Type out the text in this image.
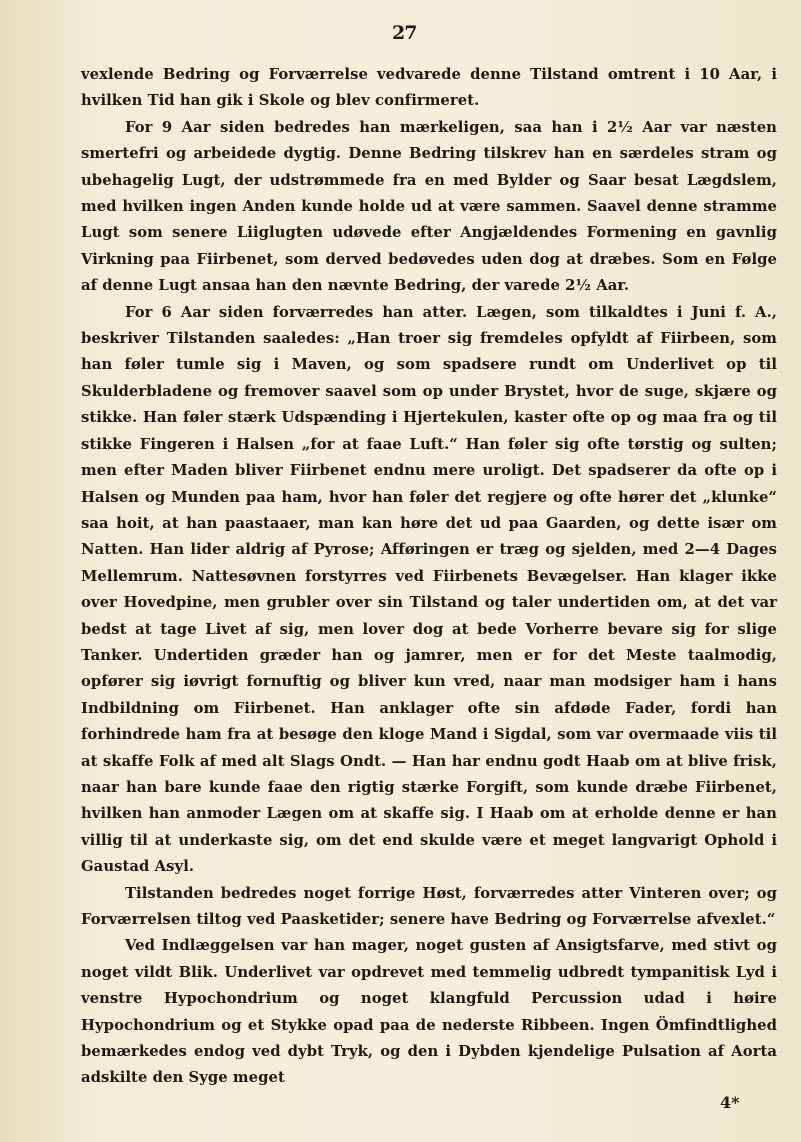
27

vexlende Bedring og Forværrelse vedvarede denne Tilstand omtrent i 10 Aar, i hvilken Tid han gik i Skole og blev confirmeret.

For 9 Aar siden bedredes han mærkeligen, saa han i 2½ Aar var næsten smertefri og arbeidede dygtig. Denne Bedring tilskrev han en særdeles stram og ubehagelig Lugt, der udstrømmede fra en med Bylder og Saar besat Lægdslem, med hvilken ingen Anden kunde holde ud at være sammen. Saavel denne stramme Lugt som senere Liiglugten udøvede efter Angjældendes Formening en gavnlig Virkning paa Fiirbenet, som derved bedøvedes uden dog at dræbes. Som en Følge af denne Lugt ansaa han den nævnte Bedring, der varede 2½ Aar.

For 6 Aar siden forværredes han atter. Lægen, som tilkaldtes i Juni f. A., beskriver Tilstanden saaledes: „Han troer sig fremdeles opfyldt af Fiirbeen, som han føler tumle sig i Maven, og som spadsere rundt om Underlivet op til Skulderbladene og fremover saavel som op under Brystet, hvor de suge, skjære og stikke. Han føler stærk Udspænding i Hjertekulen, kaster ofte op og maa fra og til stikke Fingeren i Halsen „for at faae Luft.“ Han føler sig ofte tørstig og sulten; men efter Maden bliver Fiirbenet endnu mere uroligt. Det spadserer da ofte op i Halsen og Munden paa ham, hvor han føler det regjere og ofte hører det „klunke“ saa hoit, at han paastaaer, man kan høre det ud paa Gaarden, og dette især om Natten. Han lider aldrig af Pyrose; Afføringen er træg og sjelden, med 2—4 Dages Mellemrum. Nattesøvnen forstyrres ved Fiirbenets Bevægelser. Han klager ikke over Hovedpine, men grubler over sin Tilstand og taler undertiden om, at det var bedst at tage Livet af sig, men lover dog at bede Vorherre bevare sig for slige Tanker. Undertiden græder han og jamrer, men er for det Meste taalmodig, opfører sig iøvrigt fornuftig og bliver kun vred, naar man modsiger ham i hans Indbildning om Fiirbenet. Han anklager ofte sin afdøde Fader, fordi han forhindrede ham fra at besøge den kloge Mand i Sigdal, som var overmaade viis til at skaffe Folk af med alt Slags Ondt. — Han har endnu godt Haab om at blive frisk, naar han bare kunde faae den rigtig stærke Forgift, som kunde dræbe Fiirbenet, hvilken han anmoder Lægen om at skaffe sig. I Haab om at erholde denne er han villig til at underkaste sig, om det end skulde være et meget langvarigt Ophold i Gaustad Asyl.

Tilstanden bedredes noget forrige Høst, forværredes atter Vinteren over; og Forværrelsen tiltog ved Paasketider; senere have Bedring og Forværrelse afvexlet.“

Ved Indlæggelsen var han mager, noget gusten af Ansigtsfarve, med stivt og noget vildt Blik. Underlivet var opdrevet med temmelig udbredt tympanitisk Lyd i venstre Hypochondrium og noget klangfuld Percussion udad i høire Hypochondrium og et Stykke opad paa de nederste Ribbeen. Ingen Ömfindtlighed bemærkedes endog ved dybt Tryk, og den i Dybden kjendelige Pulsation af Aorta adskilte den Syge meget

4*
